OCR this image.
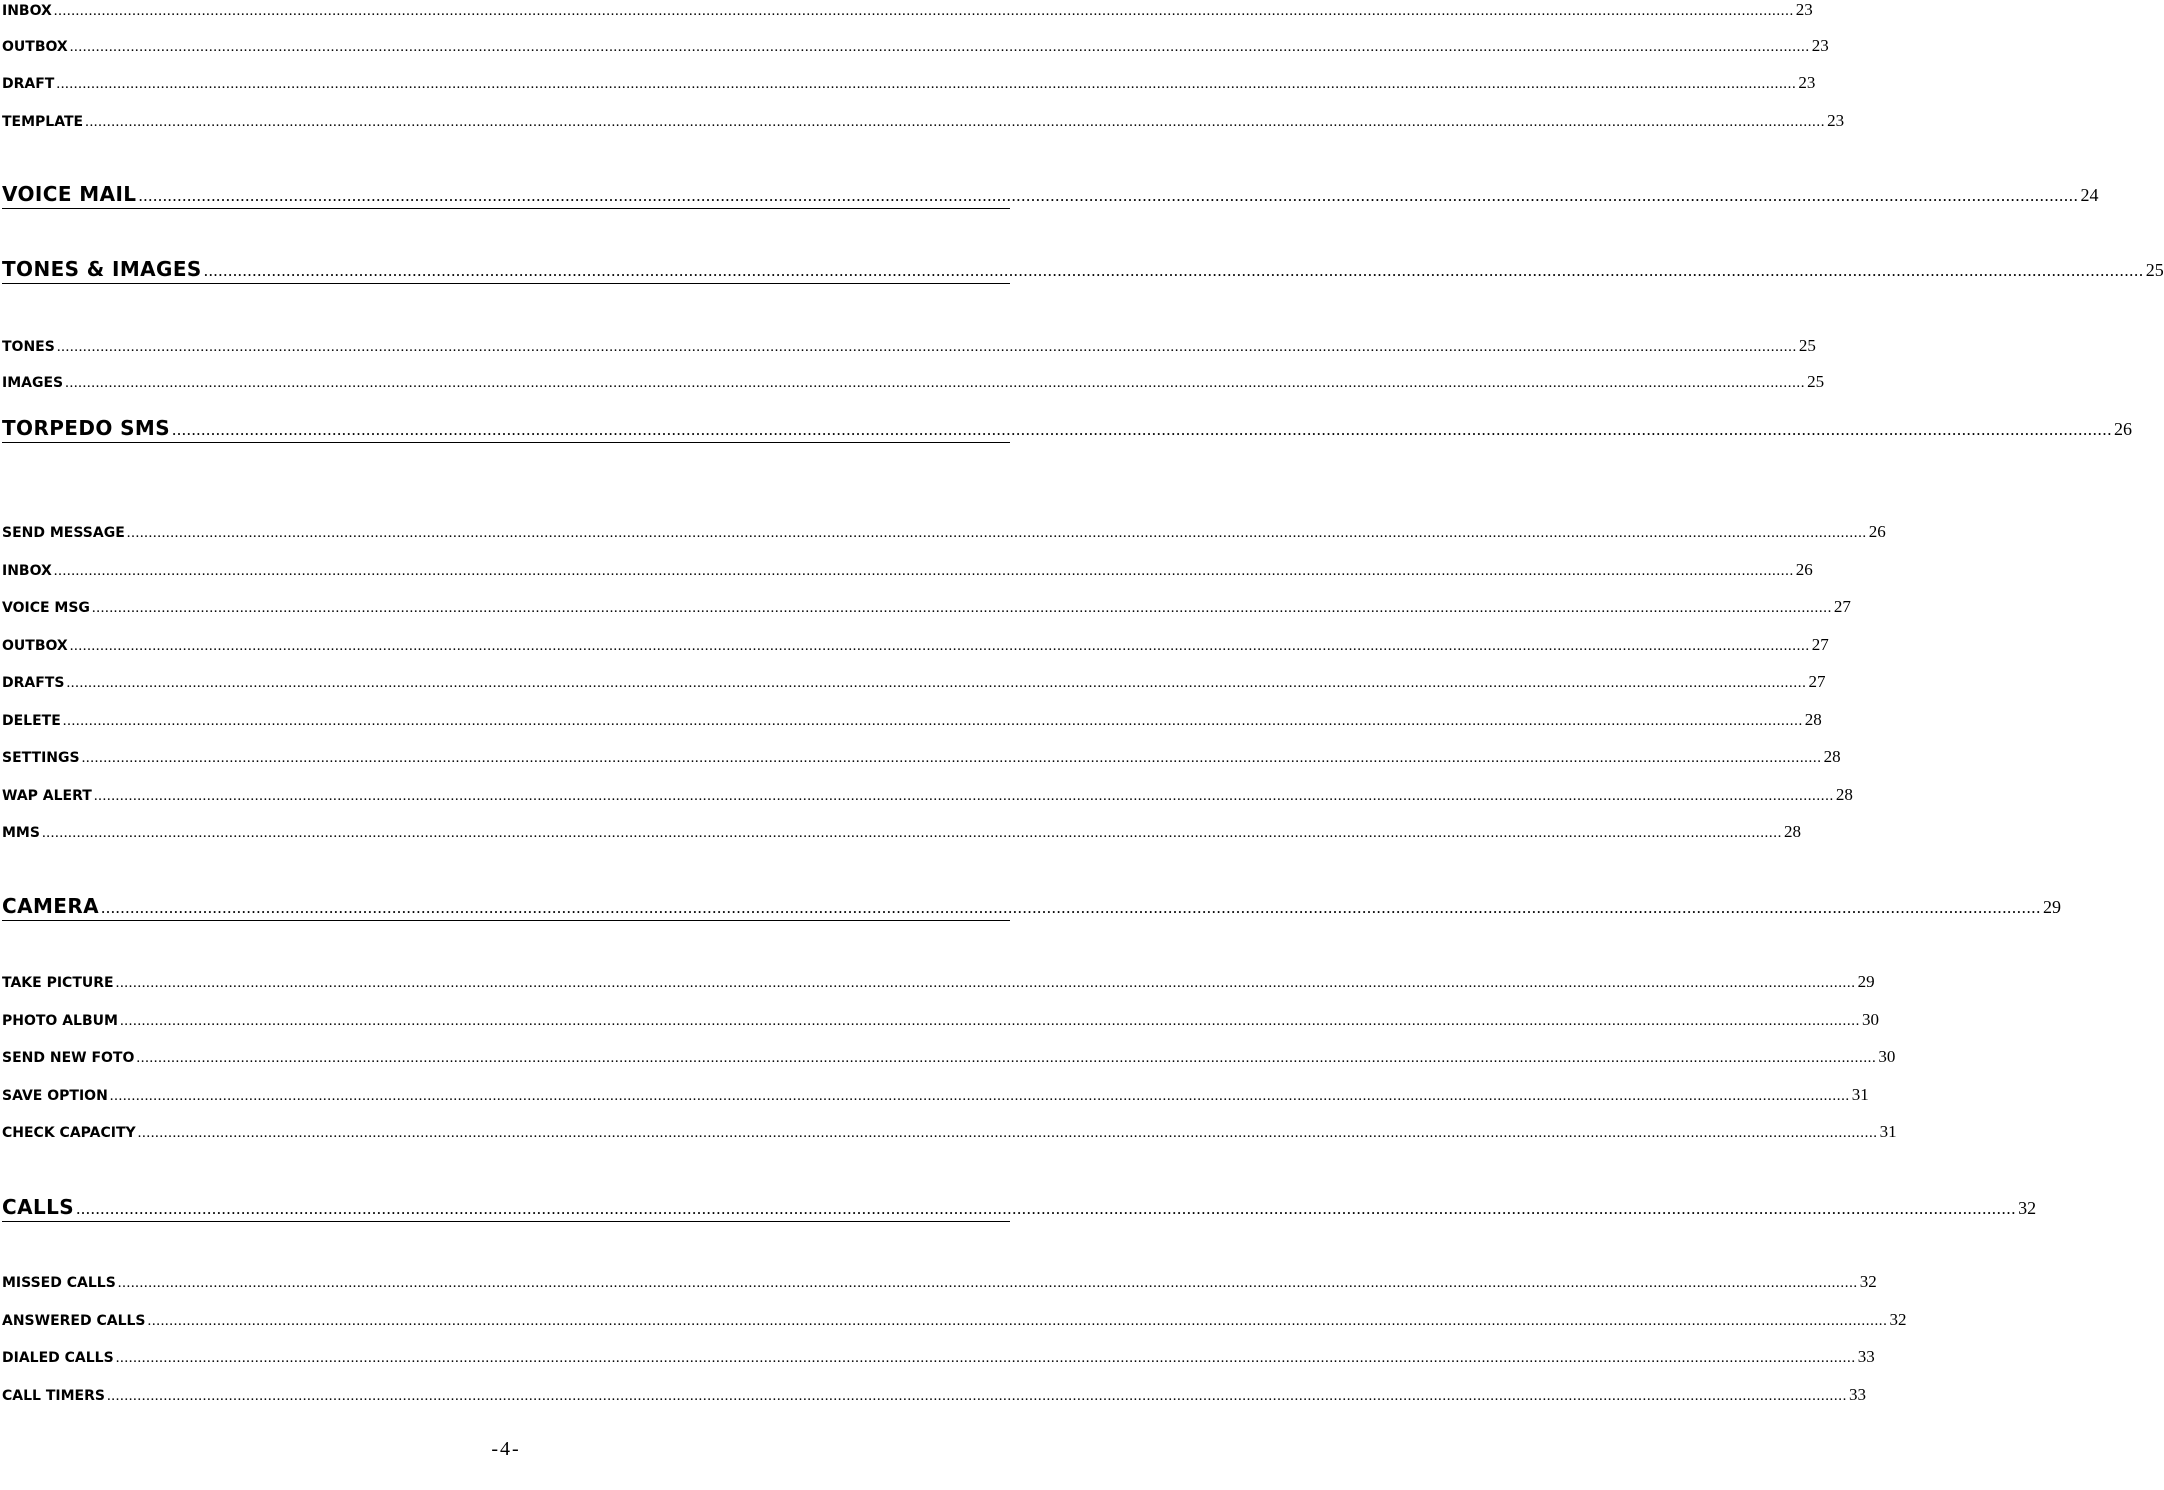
INBOX ................................................................................................................................................................................................................................................................................................................................................................................................................ 23
OUTBOX ................................................................................................................................................................................................................................................................................................................................................................................................................ 23
DRAFT ................................................................................................................................................................................................................................................................................................................................................................................................................ 23
TEMPLATE ................................................................................................................................................................................................................................................................................................................................................................................................................ 23
VOICE MAIL ................................................................................................................................................................................................................................................................................................................................................................................................................ 24
TONES & IMAGES ................................................................................................................................................................................................................................................................................................................................................................................................................ 25
TONES ................................................................................................................................................................................................................................................................................................................................................................................................................ 25
IMAGES ................................................................................................................................................................................................................................................................................................................................................................................................................ 25
TORPEDO SMS ................................................................................................................................................................................................................................................................................................................................................................................................................ 26
SEND MESSAGE ................................................................................................................................................................................................................................................................................................................................................................................................................ 26
INBOX ................................................................................................................................................................................................................................................................................................................................................................................................................ 26
VOICE MSG ................................................................................................................................................................................................................................................................................................................................................................................................................ 27
OUTBOX ................................................................................................................................................................................................................................................................................................................................................................................................................ 27
DRAFTS ................................................................................................................................................................................................................................................................................................................................................................................................................ 27
DELETE ................................................................................................................................................................................................................................................................................................................................................................................................................ 28
SETTINGS ................................................................................................................................................................................................................................................................................................................................................................................................................ 28
WAP ALERT ................................................................................................................................................................................................................................................................................................................................................................................................................ 28
MMS ................................................................................................................................................................................................................................................................................................................................................................................................................ 28
CAMERA ................................................................................................................................................................................................................................................................................................................................................................................................................ 29
TAKE PICTURE ................................................................................................................................................................................................................................................................................................................................................................................................................ 29
PHOTO ALBUM ................................................................................................................................................................................................................................................................................................................................................................................................................ 30
SEND NEW FOTO ................................................................................................................................................................................................................................................................................................................................................................................................................ 30
SAVE OPTION ................................................................................................................................................................................................................................................................................................................................................................................................................ 31
CHECK CAPACITY ................................................................................................................................................................................................................................................................................................................................................................................................................ 31
CALLS ................................................................................................................................................................................................................................................................................................................................................................................................................ 32
MISSED CALLS ................................................................................................................................................................................................................................................................................................................................................................................................................ 32
ANSWERED CALLS ................................................................................................................................................................................................................................................................................................................................................................................................................ 32
DIALED CALLS ................................................................................................................................................................................................................................................................................................................................................................................................................ 33
CALL TIMERS ................................................................................................................................................................................................................................................................................................................................................................................................................ 33
-4-
